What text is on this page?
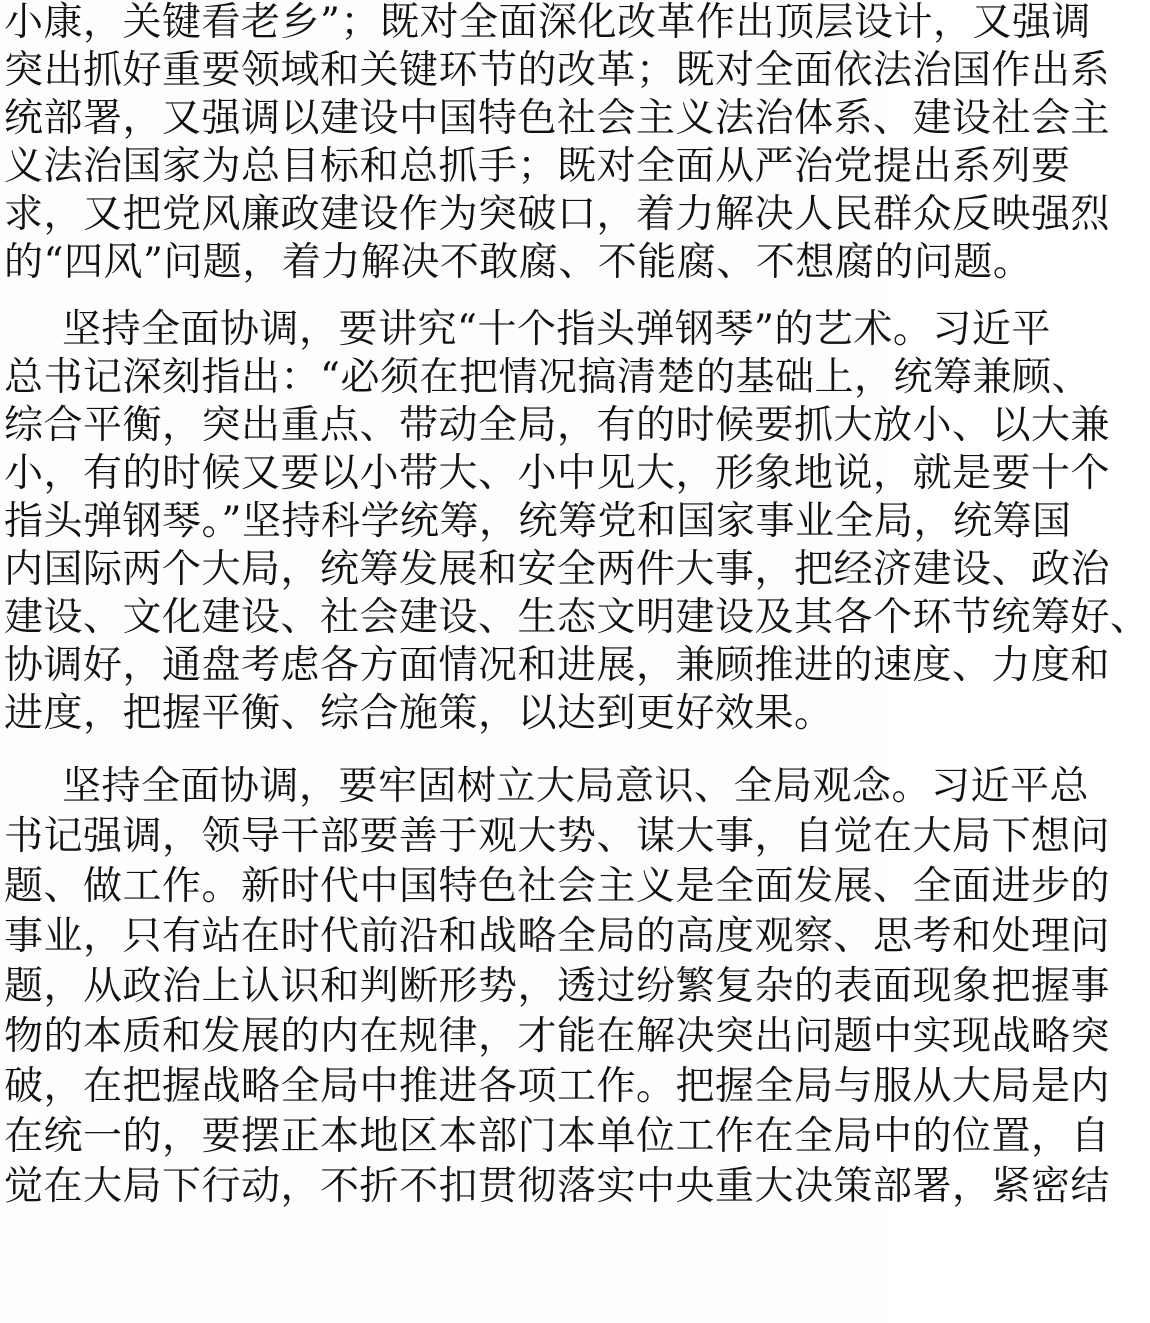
小康，关键看老乡”；既对全面深化改革作出顶层设计，又强调
突出抓好重要领域和关键环节的改革；既对全面依法治国作出系
统部署，又强调以建设中国特色社会主义法治体系、建设社会主
义法治国家为总目标和总抓手；既对全面从严治党提出系列要
求，又把党风廉政建设作为突破口，着力解决人民群众反映强烈
的“四风”问题，着力解决不敢腐、不能腐、不想腐的问题。
坚持全面协调，要讲究“十个指头弹钢琴”的艺术。习近平
总书记深刻指出：“必须在把情况搞清楚的基础上，统筹兼顾、
综合平衡，突出重点、带动全局，有的时候要抓大放小、以大兼
小，有的时候又要以小带大、小中见大，形象地说，就是要十个
指头弹钢琴。”坚持科学统筹，统筹党和国家事业全局，统筹国
内国际两个大局，统筹发展和安全两件大事，把经济建设、政治
建设、文化建设、社会建设、生态文明建设及其各个环节统筹好、
协调好，通盘考虑各方面情况和进展，兼顾推进的速度、力度和
进度，把握平衡、综合施策，以达到更好效果。
坚持全面协调，要牢固树立大局意识、全局观念。习近平总
书记强调，领导干部要善于观大势、谋大事，自觉在大局下想问
题、做工作。新时代中国特色社会主义是全面发展、全面进步的
事业，只有站在时代前沿和战略全局的高度观察、思考和处理问
题，从政治上认识和判断形势，透过纷繁复杂的表面现象把握事
物的本质和发展的内在规律，才能在解决突出问题中实现战略突
破，在把握战略全局中推进各项工作。把握全局与服从大局是内
在统一的，要摆正本地区本部门本单位工作在全局中的位置，自
觉在大局下行动，不折不扣贯彻落实中央重大决策部署，紧密结
